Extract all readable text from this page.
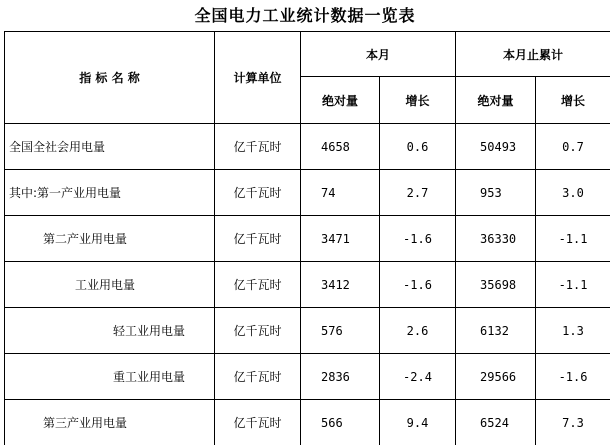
全国电力工业统计数据一览表
指 标 名 称	计算单位	本月		本月止累计	
		绝对量	增长	绝对量	增长
全国全社会用电量	亿千瓦时	4658	0.6	50493	0.7
其中:第一产业用电量	亿千瓦时	74	2.7	953	3.0
第二产业用电量	亿千瓦时	3471	-1.6	36330	-1.1
工业用电量	亿千瓦时	3412	-1.6	35698	-1.1
轻工业用电量	亿千瓦时	576	2.6	6132	1.3
重工业用电量	亿千瓦时	2836	-2.4	29566	-1.6
第三产业用电量	亿千瓦时	566	9.4	6524	7.3
